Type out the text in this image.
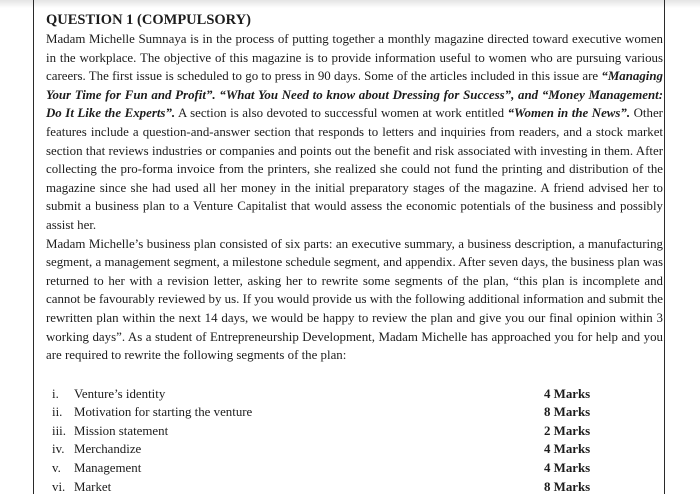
QUESTION 1 (COMPULSORY)

Madam Michelle Sumnaya is in the process of putting together a monthly magazine directed toward executive women in the workplace. The objective of this magazine is to provide information useful to women who are pursuing various careers. The first issue is scheduled to go to press in 90 days. Some of the articles included in this issue are “Managing Your Time for Fun and Profit”. “What You Need to know about Dressing for Success”, and “Money Management: Do It Like the Experts”. A section is also devoted to successful women at work entitled “Women in the News”. Other features include a question-and-answer section that responds to letters and inquiries from readers, and a stock market section that reviews industries or companies and points out the benefit and risk associated with investing in them. After collecting the pro-forma invoice from the printers, she realized she could not fund the printing and distribution of the magazine since she had used all her money in the initial preparatory stages of the magazine. A friend advised her to submit a business plan to a Venture Capitalist that would assess the economic potentials of the business and possibly assist her.

Madam Michelle’s business plan consisted of six parts: an executive summary, a business description, a manufacturing segment, a management segment, a milestone schedule segment, and appendix. After seven days, the business plan was returned to her with a revision letter, asking her to rewrite some segments of the plan, “this plan is incomplete and cannot be favourably reviewed by us. If you would provide us with the following additional information and submit the rewritten plan within the next 14 days, we would be happy to review the plan and give you our final opinion within 3 working days”. As a student of Entrepreneurship Development, Madam Michelle has approached you for help and you are required to rewrite the following segments of the plan:

i. Venture’s identity	4 Marks
ii. Motivation for starting the venture	8 Marks
iii. Mission statement	2 Marks
iv. Merchandize	4 Marks
v. Management	4 Marks
vi. Market	8 Marks
